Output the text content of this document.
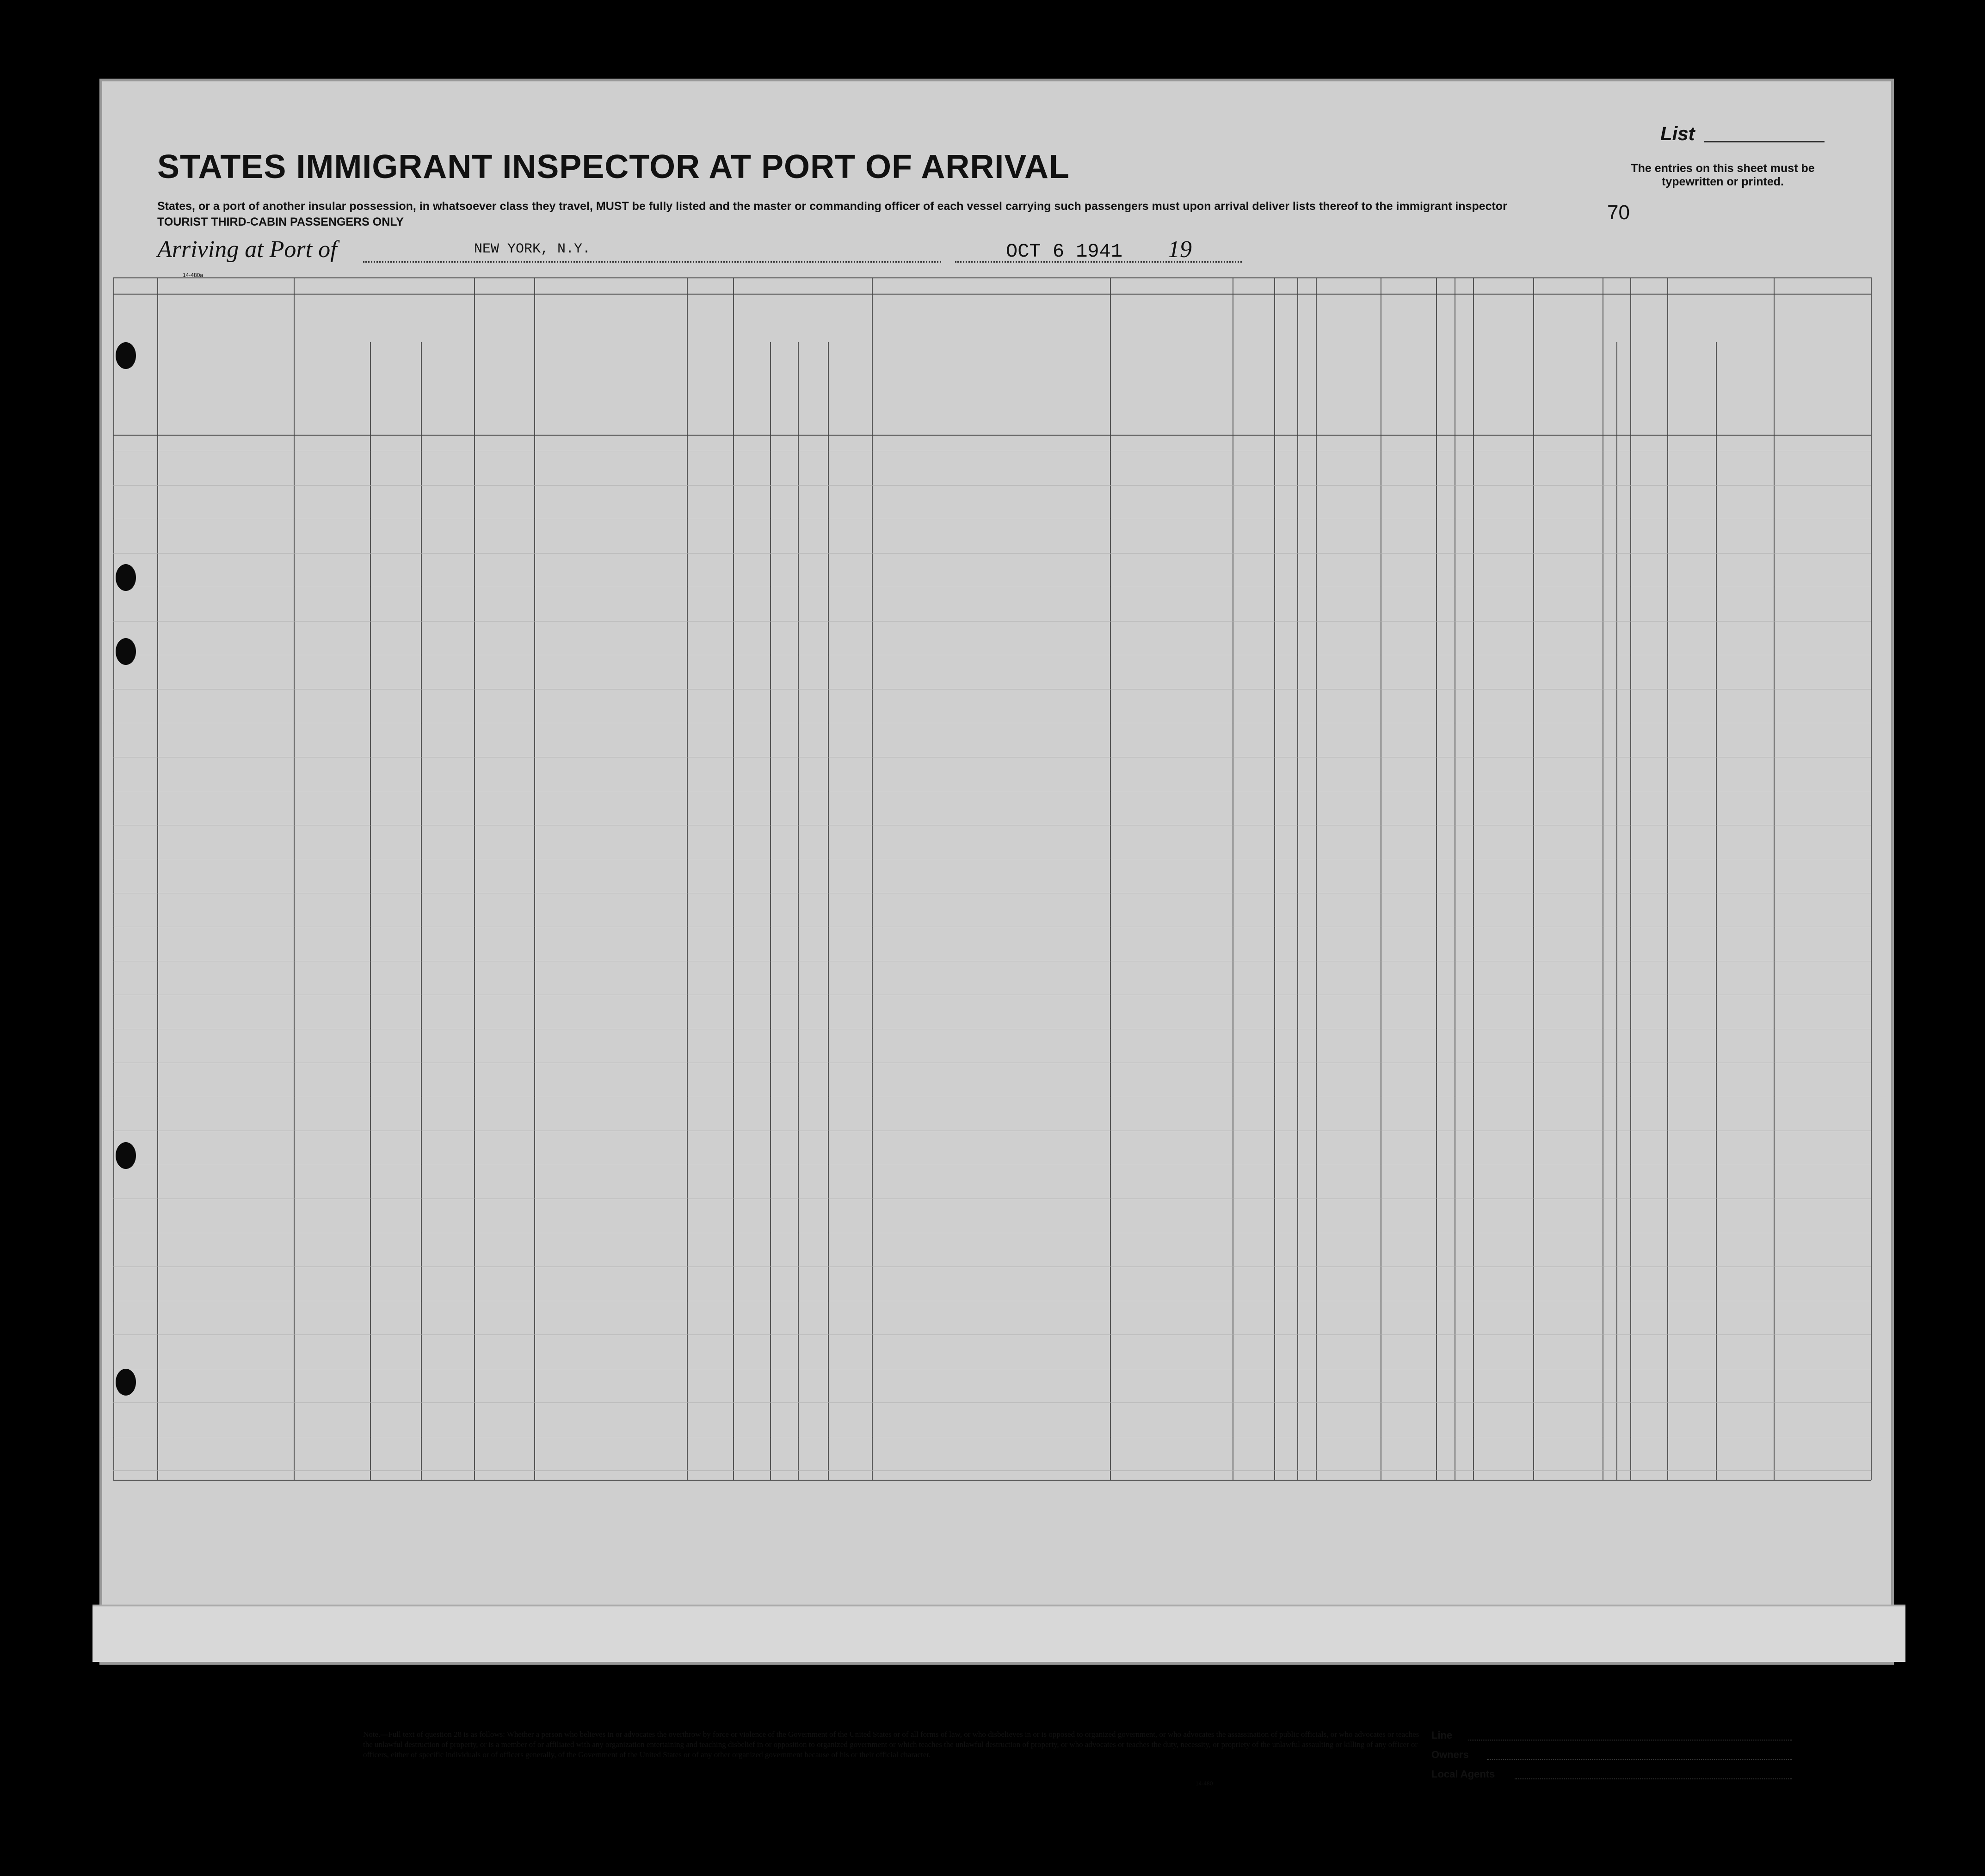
List
The entries on this sheet must be typewritten or printed.
70
STATES IMMIGRANT INSPECTOR AT PORT OF ARRIVAL
States, or a port of another insular possession, in whatsoever class they travel, MUST be fully listed and the master or commanding officer of each vessel carrying such passengers must upon arrival deliver lists thereof to the immigrant inspector
TOURIST THIRD-CABIN PASSENGERS ONLY
Arriving at Port of	NEW YORK, N.Y.	OCT 6 1941 19
14-480a
Note.—Full text of question 28 is as follows: Whether a person who believes in or advocates the overthrow by force or violence of the Government of the United States or of all forms of law, or who disbelieves in or is opposed to organized government, or who advocates the assassination of public officials, or who advocates or teaches the unlawful destruction of property, or is a member of or affiliated with any organization entertaining and teaching disbelief in or opposition to organized government or which teaches the unlawful destruction of property, or who advocates or teaches the duty, necessity, or propriety of the unlawful assaulting or killing of any officer or officers, either of specific individuals or of officers generally, of the Government of the United States or of any other organized government because of his or their official character.
Line
Owners
Local Agents
14-480
